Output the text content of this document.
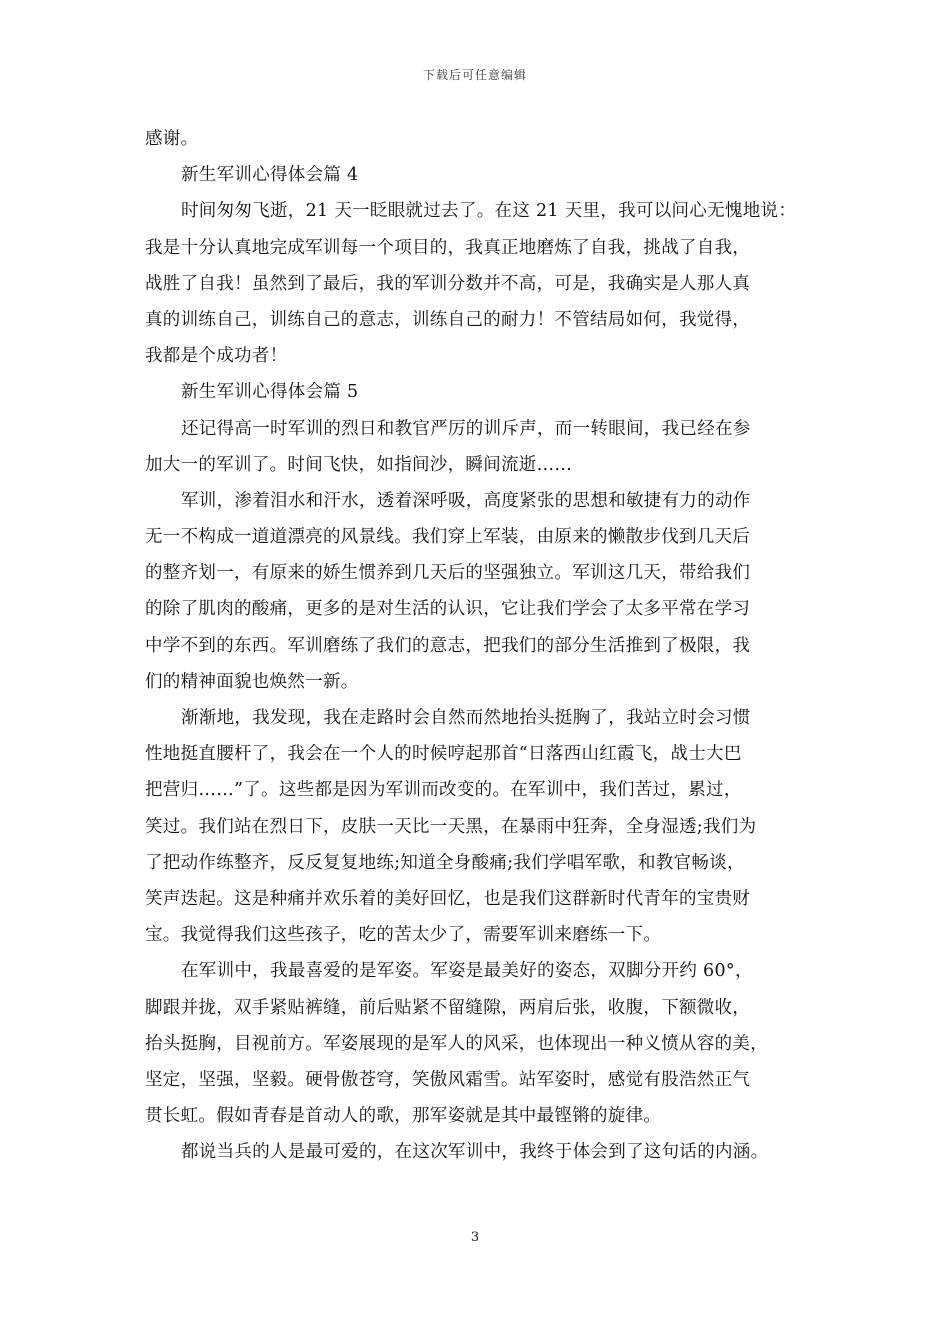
下载后可任意编辑
感谢。
新生军训心得体会篇 4
时间匆匆飞逝，21 天一眨眼就过去了。在这 21 天里，我可以问心无愧地说：
我是十分认真地完成军训每一个项目的，我真正地磨炼了自我，挑战了自我，
战胜了自我！虽然到了最后，我的军训分数并不高，可是，我确实是人那人真
真的训练自己，训练自己的意志，训练自己的耐力！不管结局如何，我觉得，
我都是个成功者！
新生军训心得体会篇 5
还记得高一时军训的烈日和教官严厉的训斥声，而一转眼间，我已经在参
加大一的军训了。时间飞快，如指间沙，瞬间流逝……
军训，渗着泪水和汗水，透着深呼吸，高度紧张的思想和敏捷有力的动作
无一不构成一道道漂亮的风景线。我们穿上军装，由原来的懒散步伐到几天后
的整齐划一，有原来的娇生惯养到几天后的坚强独立。军训这几天，带给我们
的除了肌肉的酸痛，更多的是对生活的认识，它让我们学会了太多平常在学习
中学不到的东西。军训磨练了我们的意志，把我们的部分生活推到了极限，我
们的精神面貌也焕然一新。
渐渐地，我发现，我在走路时会自然而然地抬头挺胸了，我站立时会习惯
性地挺直腰杆了，我会在一个人的时候哼起那首“日落西山红霞飞，战士大巴
把营归……”了。这些都是因为军训而改变的。在军训中，我们苦过，累过，
笑过。我们站在烈日下，皮肤一天比一天黑，在暴雨中狂奔，全身湿透;我们为
了把动作练整齐，反反复复地练;知道全身酸痛;我们学唱军歌，和教官畅谈，
笑声迭起。这是种痛并欢乐着的美好回忆，也是我们这群新时代青年的宝贵财
宝。我觉得我们这些孩子，吃的苦太少了，需要军训来磨练一下。
在军训中，我最喜爱的是军姿。军姿是最美好的姿态，双脚分开约 60°，
脚跟并拢，双手紧贴裤缝，前后贴紧不留缝隙，两肩后张，收腹，下额微收，
抬头挺胸，目视前方。军姿展现的是军人的风采，也体现出一种义愤从容的美，
坚定，坚强，坚毅。硬骨傲苍穹，笑傲风霜雪。站军姿时，感觉有股浩然正气
贯长虹。假如青春是首动人的歌，那军姿就是其中最铿锵的旋律。
都说当兵的人是最可爱的，在这次军训中，我终于体会到了这句话的内涵。
3
